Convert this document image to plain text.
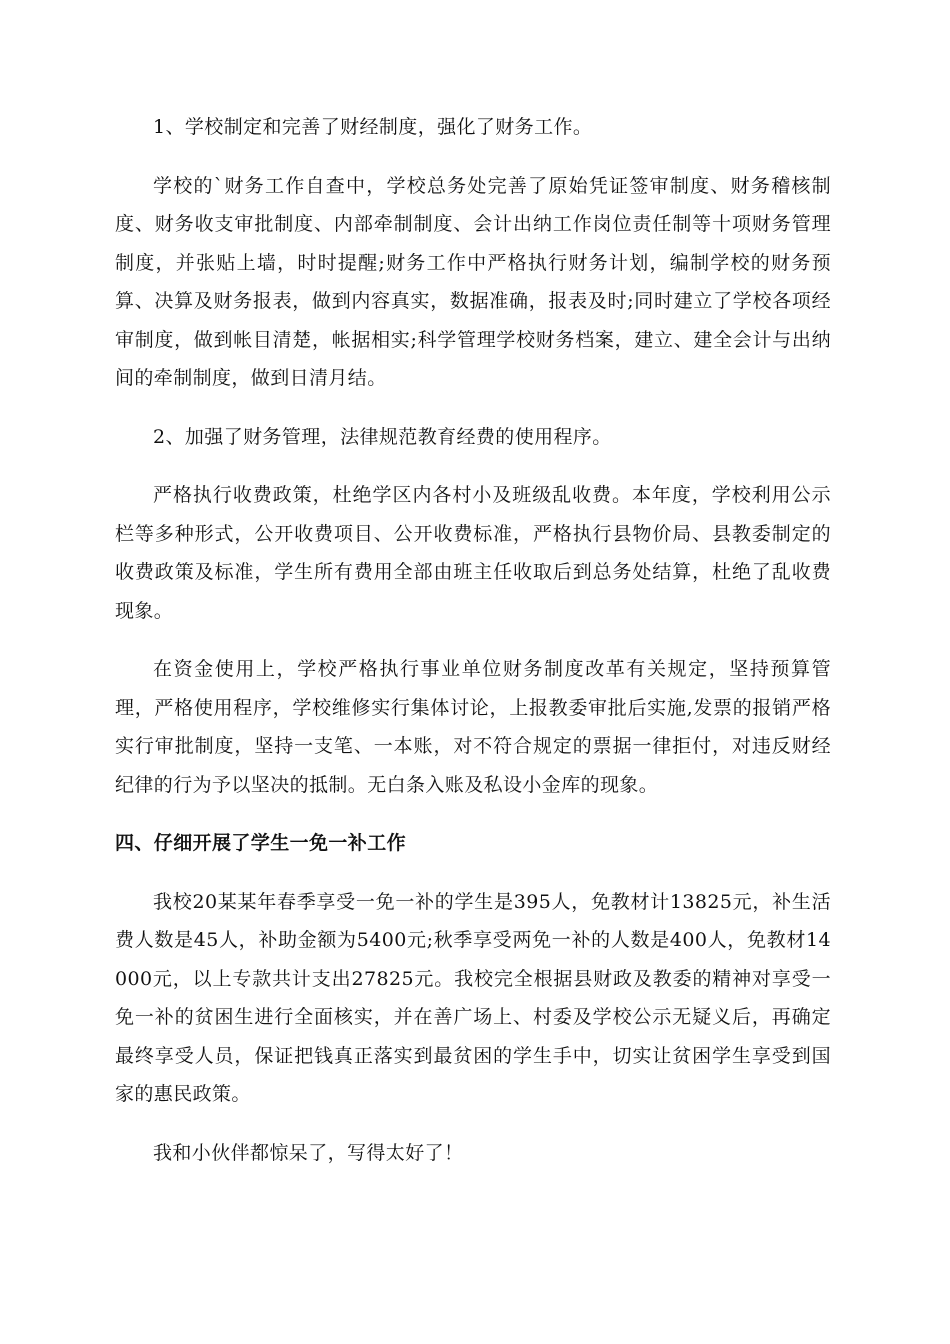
1、学校制定和完善了财经制度，强化了财务工作。

学校的`财务工作自查中，学校总务处完善了原始凭证签审制度、财务稽核制度、财务收支审批制度、内部牵制制度、会计出纳工作岗位责任制等十项财务管理制度，并张贴上墙，时时提醒;财务工作中严格执行财务计划，编制学校的财务预算、决算及财务报表，做到内容真实，数据准确，报表及时;同时建立了学校各项经审制度，做到帐目清楚，帐据相实;科学管理学校财务档案，建立、建全会计与出纳间的牵制制度，做到日清月结。

2、加强了财务管理，法律规范教育经费的使用程序。

严格执行收费政策，杜绝学区内各村小及班级乱收费。本年度，学校利用公示栏等多种形式，公开收费项目、公开收费标准，严格执行县物价局、县教委制定的收费政策及标准，学生所有费用全部由班主任收取后到总务处结算，杜绝了乱收费现象。

在资金使用上，学校严格执行事业单位财务制度改革有关规定，坚持预算管理，严格使用程序，学校维修实行集体讨论，上报教委审批后实施,发票的报销严格实行审批制度，坚持一支笔、一本账，对不符合规定的票据一律拒付，对违反财经纪律的行为予以坚决的抵制。无白条入账及私设小金库的现象。

四、仔细开展了学生一免一补工作

我校20某某年春季享受一免一补的学生是395人，免教材计13825元，补生活费人数是45人，补助金额为5400元;秋季享受两免一补的人数是400人，免教材14000元，以上专款共计支出27825元。我校完全根据县财政及教委的精神对享受一免一补的贫困生进行全面核实，并在善广场上、村委及学校公示无疑义后，再确定最终享受人员，保证把钱真正落实到最贫困的学生手中，切实让贫困学生享受到国家的惠民政策。

我和小伙伴都惊呆了，写得太好了！
